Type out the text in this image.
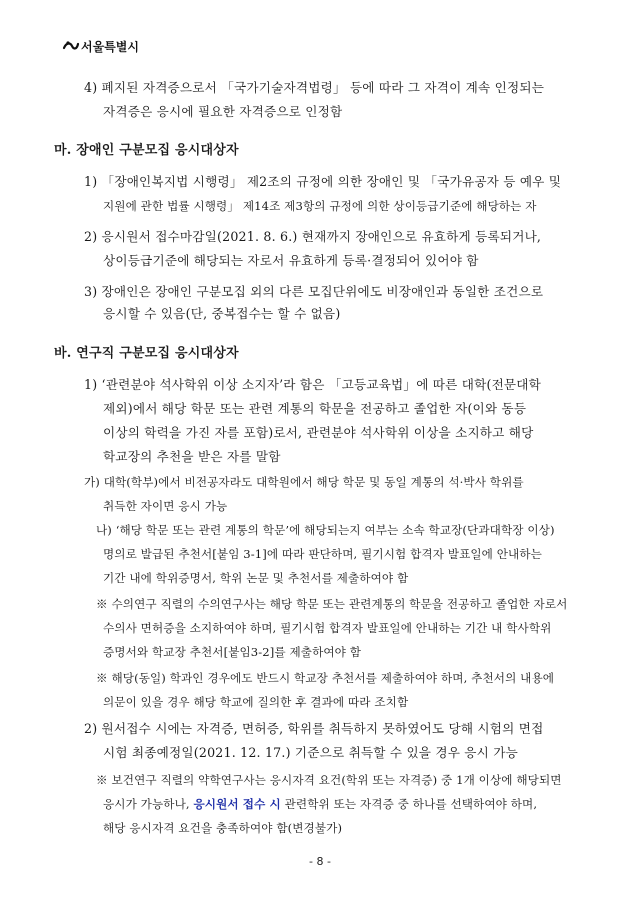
서울특별시
4) 폐지된 자격증으로서 「국가기술자격법령」 등에 따라 그 자격이 계속 인정되는
자격증은 응시에 필요한 자격증으로 인정함
마. 장애인 구분모집 응시대상자
1) 「장애인복지법 시행령」 제2조의 규정에 의한 장애인 및 「국가유공자 등 예우 및
지원에 관한 법률 시행령」 제14조 제3항의 규정에 의한 상이등급기준에 해당하는 자
2) 응시원서 접수마감일(2021. 8. 6.) 현재까지 장애인으로 유효하게 등록되거나,
상이등급기준에 해당되는 자로서 유효하게 등록·결정되어 있어야 함
3) 장애인은 장애인 구분모집 외의 다른 모집단위에도 비장애인과 동일한 조건으로
응시할 수 있음(단, 중복접수는 할 수 없음)
바. 연구직 구분모집 응시대상자
1) ‘관련분야 석사학위 이상 소지자’라 함은 「고등교육법」에 따른 대학(전문대학
제외)에서 해당 학문 또는 관련 계통의 학문을 전공하고 졸업한 자(이와 동등
이상의 학력을 가진 자를 포함)로서, 관련분야 석사학위 이상을 소지하고 해당
학교장의 추천을 받은 자를 말함
가) 대학(학부)에서 비전공자라도 대학원에서 해당 학문 및 동일 계통의 석·박사 학위를
취득한 자이면 응시 가능
나) ‘해당 학문 또는 관련 계통의 학문’에 해당되는지 여부는 소속 학교장(단과대학장 이상)
명의로 발급된 추천서[붙임 3-1]에 따라 판단하며, 필기시험 합격자 발표일에 안내하는
기간 내에 학위증명서, 학위 논문 및 추천서를 제출하여야 함
※ 수의연구 직렬의 수의연구사는 해당 학문 또는 관련계통의 학문을 전공하고 졸업한 자로서
수의사 면허증을 소지하여야 하며, 필기시험 합격자 발표일에 안내하는 기간 내 학사학위
증명서와 학교장 추천서[붙임3-2]를 제출하여야 함
※ 해당(동일) 학과인 경우에도 반드시 학교장 추천서를 제출하여야 하며, 추천서의 내용에
의문이 있을 경우 해당 학교에 질의한 후 결과에 따라 조치함
2) 원서접수 시에는 자격증, 면허증, 학위를 취득하지 못하였어도 당해 시험의 면접
시험 최종예정일(2021. 12. 17.) 기준으로 취득할 수 있을 경우 응시 가능
※ 보건연구 직렬의 약학연구사는 응시자격 요건(학위 또는 자격증) 중 1개 이상에 해당되면
응시가 가능하나, 응시원서 접수 시 관련학위 또는 자격증 중 하나를 선택하여야 하며,
해당 응시자격 요건을 충족하여야 함(변경불가)
- 8 -
